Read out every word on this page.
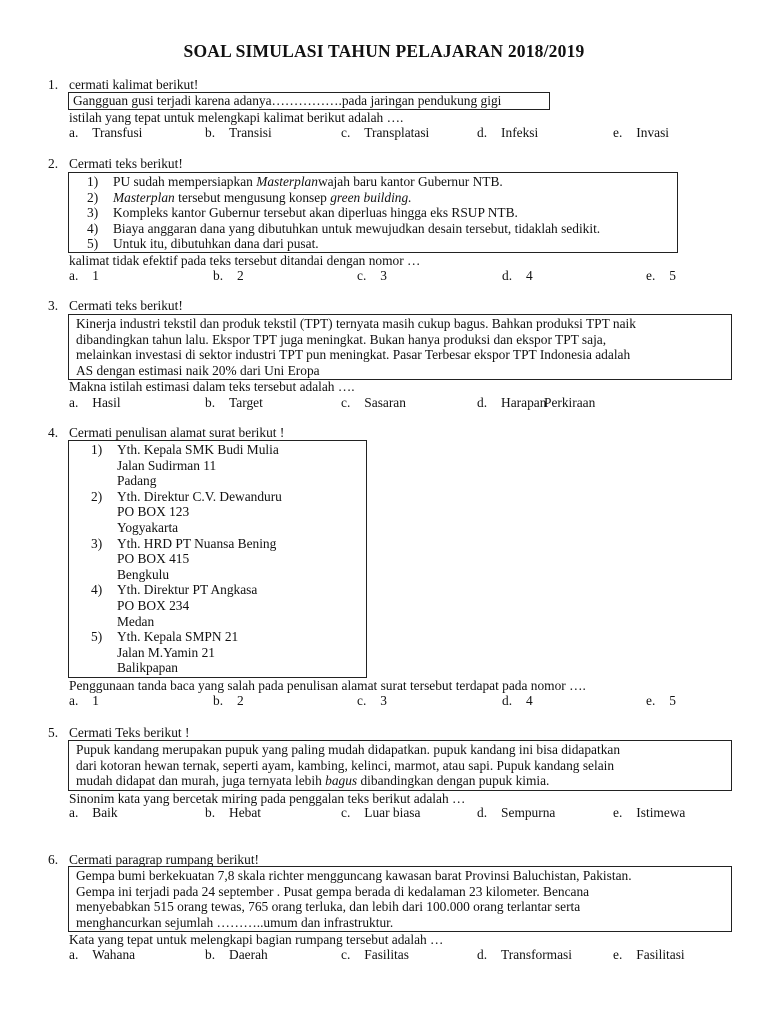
SOAL SIMULASI TAHUN PELAJARAN 2018/2019
1. cermati kalimat berikut!

Gangguan gusi terjadi karena adanya…………….pada jaringan pendukung gigi

istilah yang tepat untuk melengkapi kalimat berikut adalah ….
a. Transfusi	b. Transisi	c. Transplatasi	d. Infeksi	e. Invasi
2. Cermati teks berikut!
1) PU sudah mempersiapkan Masterplanwajah baru kantor Gubernur NTB.
2) Masterplan tersebut mengusung konsep green building.
3) Kompleks kantor Gubernur tersebut akan diperluas hingga eks RSUP NTB.
4) Biaya anggaran dana yang dibutuhkan untuk mewujudkan desain tersebut, tidaklah sedikit.
5) Untuk itu, dibutuhkan dana dari pusat.
kalimat tidak efektif pada teks tersebut ditandai dengan nomor …
a. 1	b. 2	c. 3	d. 4	e. 5
3. Cermati teks berikut!

Kinerja industri tekstil dan produk tekstil (TPT) ternyata masih cukup bagus. Bahkan produksi TPT naik

dibandingkan tahun lalu. Ekspor TPT juga meningkat. Bukan hanya produksi dan ekspor TPT saja,

melainkan investasi di sektor industri TPT pun meningkat. Pasar Terbesar ekspor TPT Indonesia adalah

AS dengan estimasi naik 20% dari Uni Eropa

Makna istilah estimasi dalam teks tersebut adalah ….
a. Hasil	b. Target	c. Sasaran	d. Harapan
Perkiraan
4. Cermati penulisan alamat surat berikut !
1) Yth. Kepala SMK Budi Mulia
Jalan Sudirman 11
Padang
2) Yth. Direktur C.V. Dewanduru
PO BOX 123
Yogyakarta
3) Yth. HRD PT Nuansa Bening
PO BOX 415
Bengkulu
4) Yth. Direktur PT Angkasa
PO BOX 234
Medan
5) Yth. Kepala SMPN 21
Jalan M.Yamin 21
Balikpapan
Penggunaan tanda baca yang salah pada penulisan alamat surat tersebut terdapat pada nomor ….
a. 1	b. 2	c. 3	d. 4	e. 5
5. Cermati Teks berikut !

Pupuk kandang merupakan pupuk yang paling mudah didapatkan. pupuk kandang ini bisa didapatkan

dari kotoran hewan ternak, seperti ayam, kambing, kelinci, marmot, atau sapi. Pupuk kandang selain

mudah didapat dan murah, juga ternyata lebih bagus dibandingkan dengan pupuk kimia.

Sinonim kata yang bercetak miring pada penggalan teks berikut adalah …
a. Baik	b. Hebat	c. Luar biasa	d. Sempurna	e. Istimewa
6. Cermati paragrap rumpang berikut!

Gempa bumi berkekuatan 7,8 skala richter mengguncang kawasan barat Provinsi Baluchistan, Pakistan.

Gempa ini terjadi pada 24 september . Pusat gempa berada di kedalaman 23 kilometer. Bencana

menyebabkan 515 orang tewas, 765 orang terluka, dan lebih dari 100.000 orang terlantar serta

menghancurkan sejumlah ………..umum dan infrastruktur.

Kata yang tepat untuk melengkapi bagian rumpang tersebut adalah …
a. Wahana	b. Daerah	c. Fasilitas	d. Transformasi	e. Fasilitasi
